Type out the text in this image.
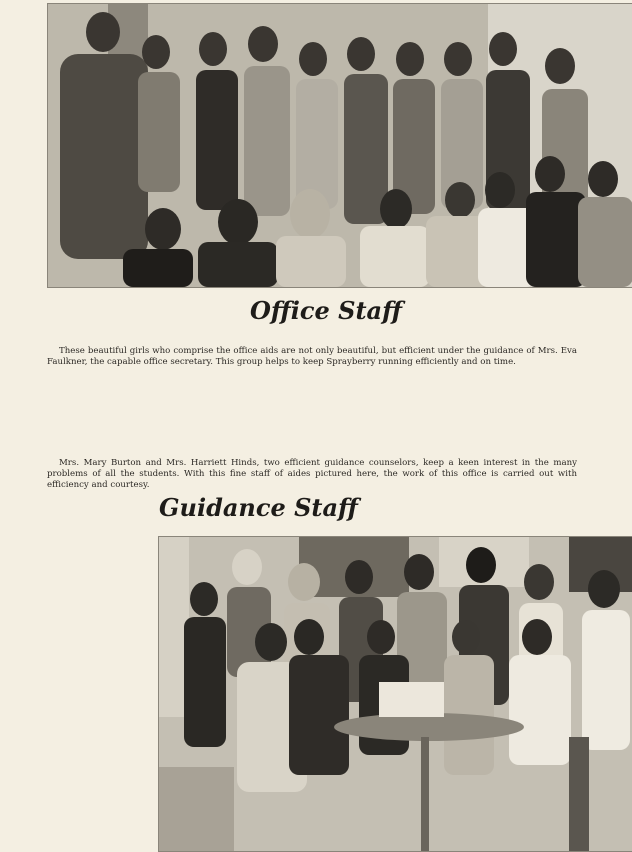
Office Staff

These beautiful girls who comprise the office aids are not only beautiful, but efficient under the guidance of Mrs. Eva Faulkner, the capable office secretary. This group helps to keep Sprayberry running efficiently and on time.

Mrs. Mary Burton and Mrs. Harriett Hinds, two efficient guidance counselors, keep a keen interest in the many problems of all the students. With this fine staff of aides pictured here, the work of this office is carried out with efficiency and courtesy.

Guidance Staff
